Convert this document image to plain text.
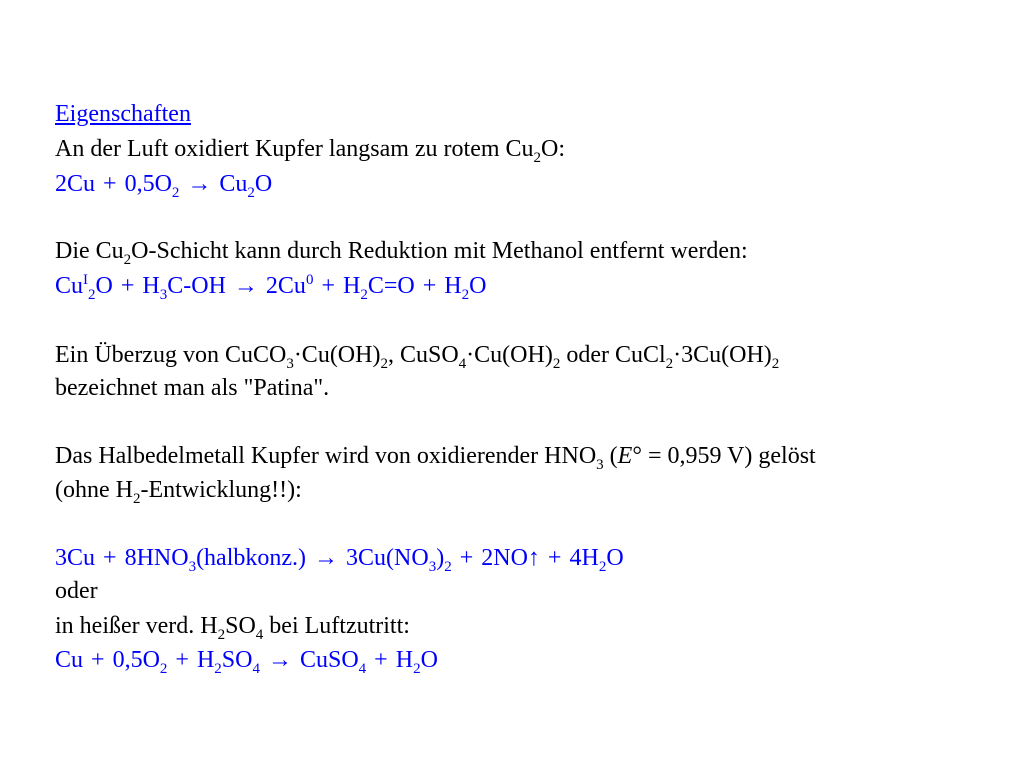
Eigenschaften
An der Luft oxidiert Kupfer langsam zu rotem $Cu_2O$:
$2Cu + 0,5O_2 \to Cu_2O$
Die $Cu_2O$-Schicht kann durch Reduktion mit Methanol entfernt werden:
$Cu^I_2O + H_3C-OH \to 2Cu^0 + H_2C=O + H_2O$
Ein Überzug von $CuCO_3\cdot Cu(OH)_2$, $CuSO_4\cdot Cu(OH)_2$ oder $CuCl_2\cdot 3Cu(OH)_2$
bezeichnet man als "Patina".
Das Halbedelmetall Kupfer wird von oxidierender $HNO_3$ (E° = 0,959 V) gelöst
(ohne $H_2-Entwicklung$!!):
$3Cu + 8HNO_3(halbkonz.) \to 3Cu(NO_3)_2$ + 2NO↑ + $4H_2O$
oder
in heißer verd. $H_2SO_4$ bei Luftzutritt:
$Cu + 0,5O_2 + H_2SO_4$ → CuSO$_4$ + $H_2O$
